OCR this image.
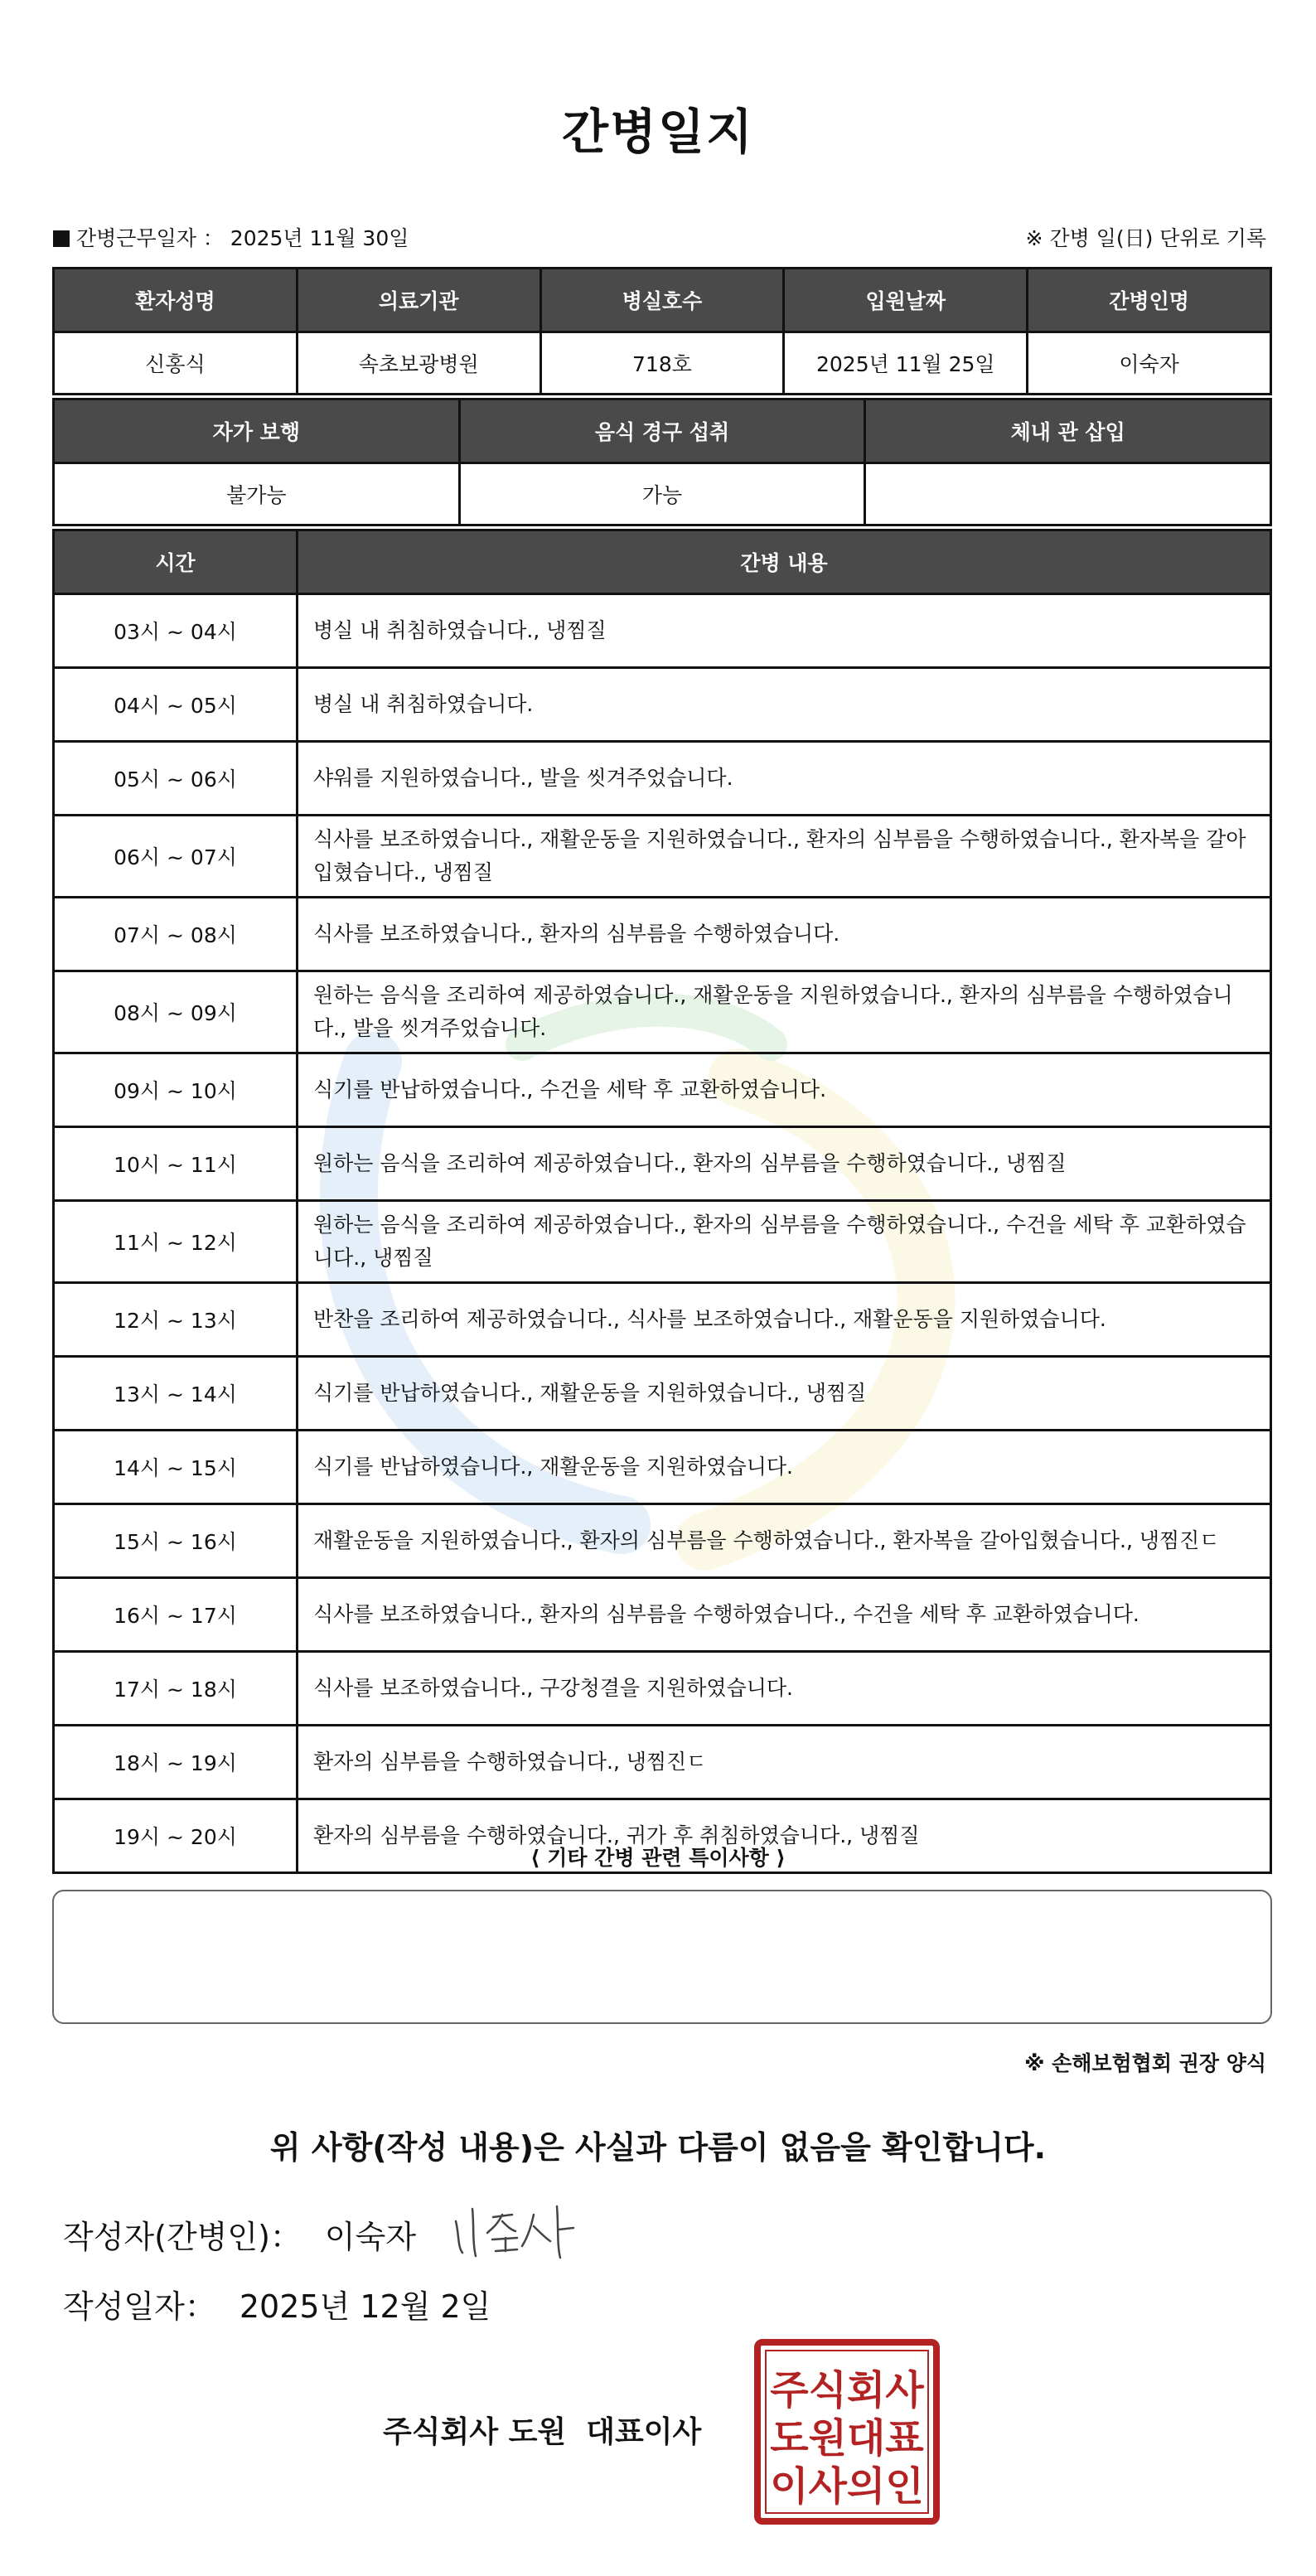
간병일지
간병근무일자 ： 2025년 11월 30일	※ 간병 일(日) 단위로 기록
환자성명	의료기관	병실호수	입원날짜	간병인명
신홍식	속초보광병원	718호	2025년 11월 25일	이숙자
자가 보행	음식 경구 섭취	체내 관 삽입
불가능	가능	
시간	간병 내용
03시 ~ 04시	병실 내 취침하였습니다., 냉찜질
04시 ~ 05시	병실 내 취침하였습니다.
05시 ~ 06시	샤워를 지원하였습니다., 발을 씻겨주었습니다.
06시 ~ 07시	식사를 보조하였습니다., 재활운동을 지원하였습니다., 환자의 심부름을 수행하였습니다., 환자복을 갈아입혔습니다., 냉찜질
07시 ~ 08시	식사를 보조하였습니다., 환자의 심부름을 수행하였습니다.
08시 ~ 09시	원하는 음식을 조리하여 제공하였습니다., 재활운동을 지원하였습니다., 환자의 심부름을 수행하였습니다., 발을 씻겨주었습니다.
09시 ~ 10시	식기를 반납하였습니다., 수건을 세탁 후 교환하였습니다.
10시 ~ 11시	원하는 음식을 조리하여 제공하였습니다., 환자의 심부름을 수행하였습니다., 냉찜질
11시 ~ 12시	원하는 음식을 조리하여 제공하였습니다., 환자의 심부름을 수행하였습니다., 수건을 세탁 후 교환하였습니다., 냉찜질
12시 ~ 13시	반찬을 조리하여 제공하였습니다., 식사를 보조하였습니다., 재활운동을 지원하였습니다.
13시 ~ 14시	식기를 반납하였습니다., 재활운동을 지원하였습니다., 냉찜질
14시 ~ 15시	식기를 반납하였습니다., 재활운동을 지원하였습니다.
15시 ~ 16시	재활운동을 지원하였습니다., 환자의 심부름을 수행하였습니다., 환자복을 갈아입혔습니다., 냉찜진ㄷ
16시 ~ 17시	식사를 보조하였습니다., 환자의 심부름을 수행하였습니다., 수건을 세탁 후 교환하였습니다.
17시 ~ 18시	식사를 보조하였습니다., 구강청결을 지원하였습니다.
18시 ~ 19시	환자의 심부름을 수행하였습니다., 냉찜진ㄷ
19시 ~ 20시	환자의 심부름을 수행하였습니다., 귀가 후 취침하였습니다., 냉찜질
⟨ 기타 간병 관련 특이사항 ⟩
※ 손해보험협회 권장 양식
위 사항(작성 내용)은 사실과 다름이 없음을 확인합니다.
작성자(간병인)： 이숙자
작성일자： 2025년 12월 2일
주식회사 도원 대표이사
주식회사
도원대표
이사의인
